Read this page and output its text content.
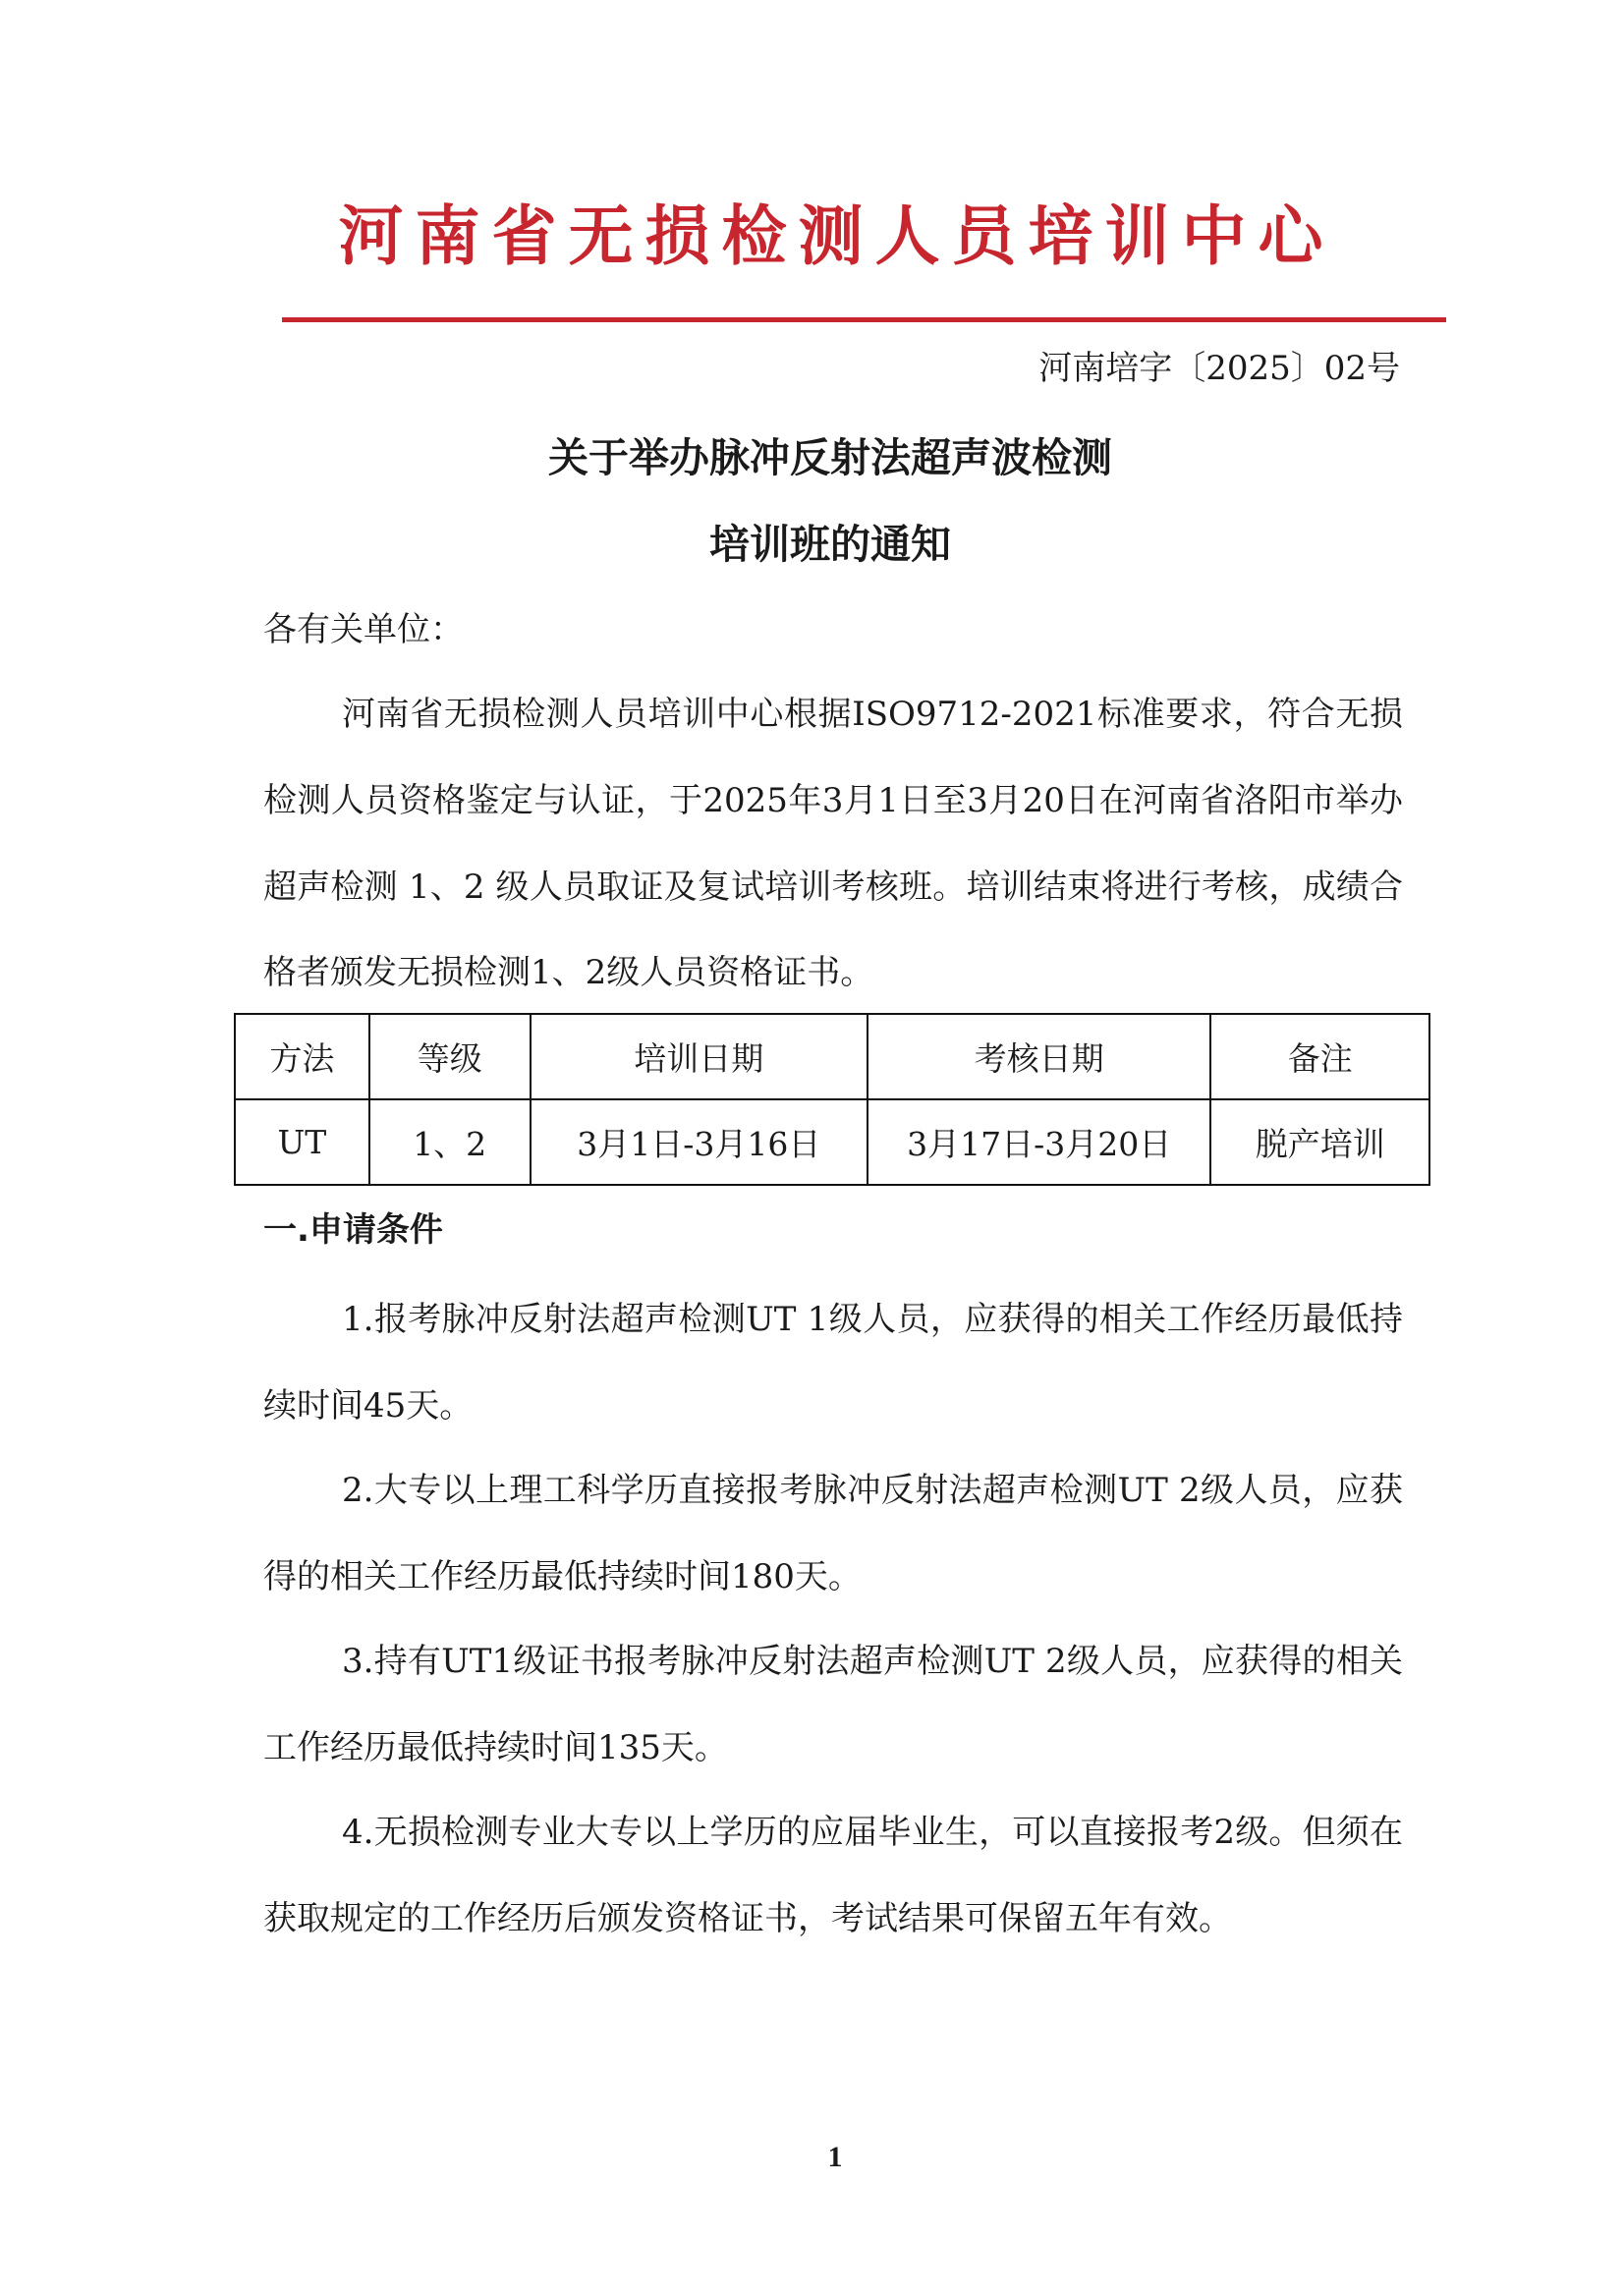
河南省无损检测人员培训中心
河南培字〔2025〕02号
关于举办脉冲反射法超声波检测
培训班的通知
各有关单位：

河南省无损检测人员培训中心根据ISO9712-2021标准要求，符合无损检测人员资格鉴定与认证，于2025年3月1日至3月20日在河南省洛阳市举办超声检测 1、2 级人员取证及复试培训考核班。培训结束将进行考核，成绩合格者颁发无损检测1、2级人员资格证书。

方法	等级	培训日期	考核日期	备注
UT	1、2	3月1日-3月16日	3月17日-3月20日	脱产培训
一.申请条件

1.报考脉冲反射法超声检测UT 1级人员，应获得的相关工作经历最低持续时间45天。

2.大专以上理工科学历直接报考脉冲反射法超声检测UT 2级人员，应获得的相关工作经历最低持续时间180天。

3.持有UT1级证书报考脉冲反射法超声检测UT 2级人员，应获得的相关工作经历最低持续时间135天。

4.无损检测专业大专以上学历的应届毕业生，可以直接报考2级。但须在获取规定的工作经历后颁发资格证书，考试结果可保留五年有效。

1
